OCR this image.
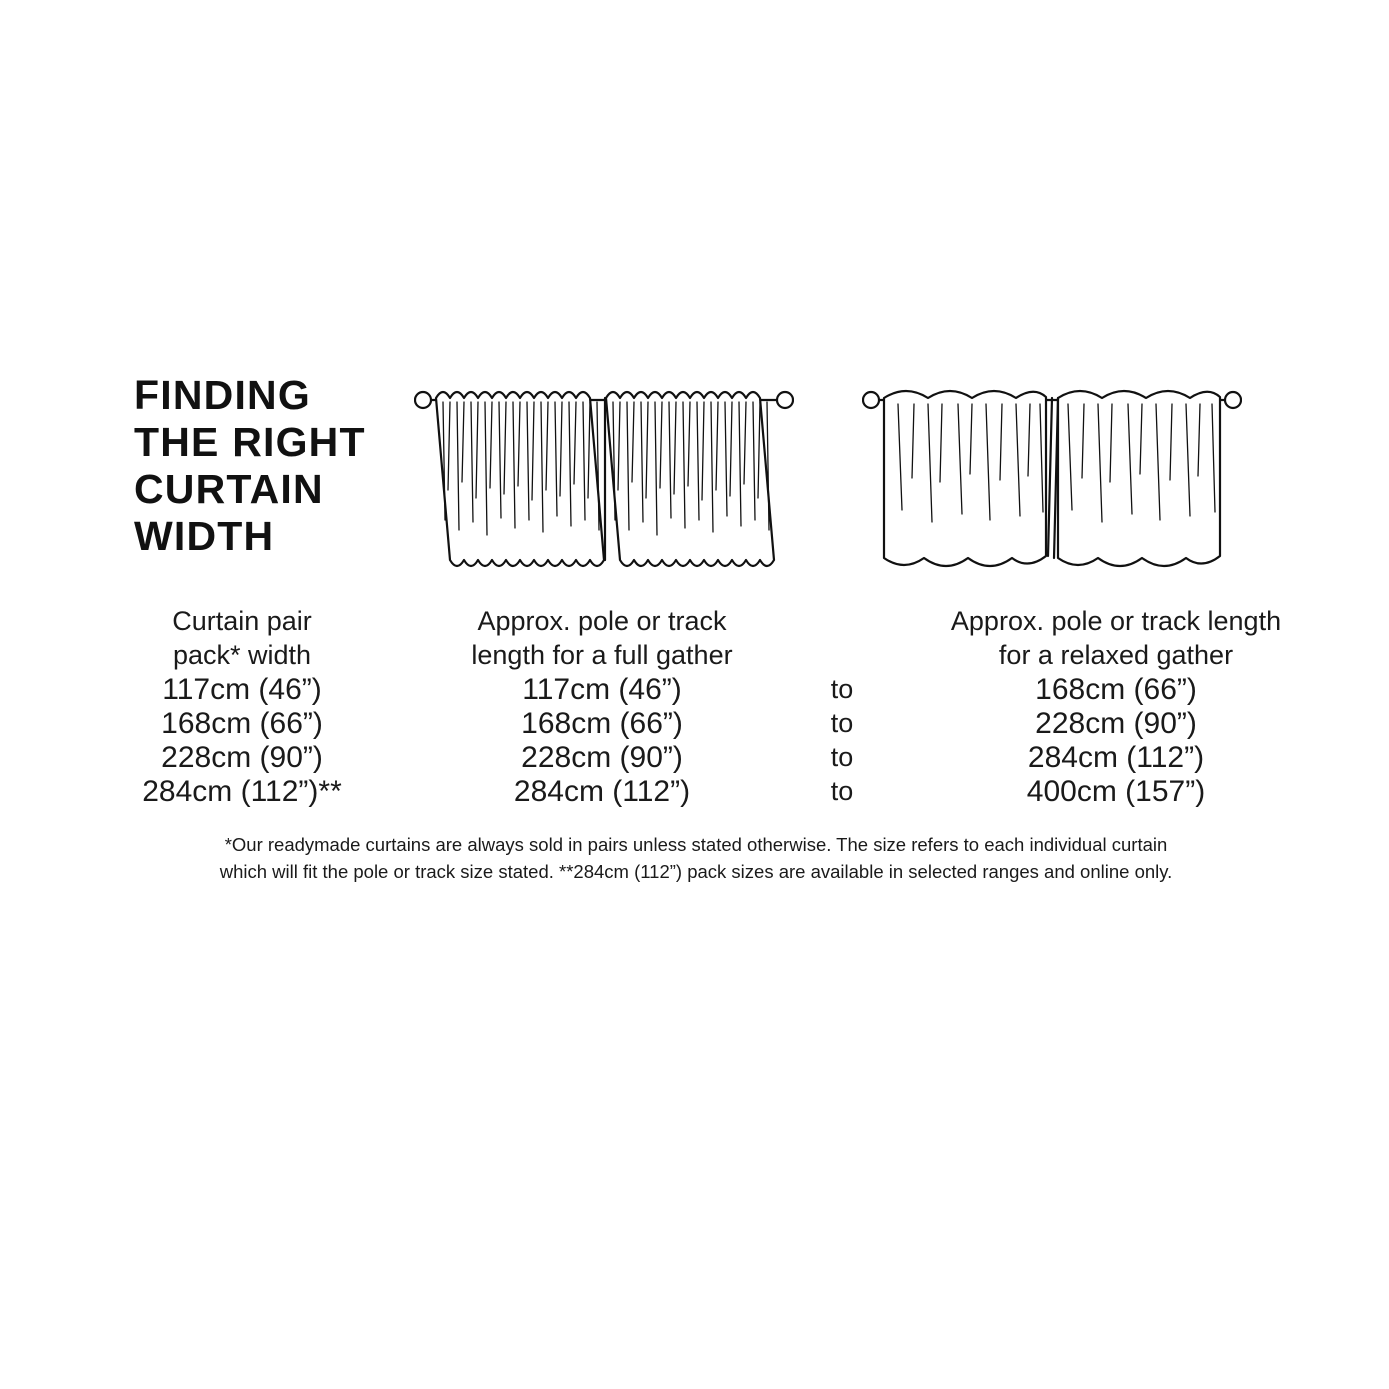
FINDING
THE RIGHT
CURTAIN
WIDTH
Curtain pair
pack* width

Approx. pole or track
length for a full gather
		Approx. pole or track length
for a relaxed gather

117cm (46”)	117cm (46”)	to	168cm (66”)
168cm (66”)	168cm (66”)	to	228cm (90”)
228cm (90”)	228cm (90”)	to	284cm (112”)
284cm (112”)**	284cm (112”)	to	400cm (157”)

*Our readymade curtains are always sold in pairs unless stated otherwise. The size refers to each individual curtain
which will fit the pole or track size stated. **284cm (112”) pack sizes are available in selected ranges and online only.
